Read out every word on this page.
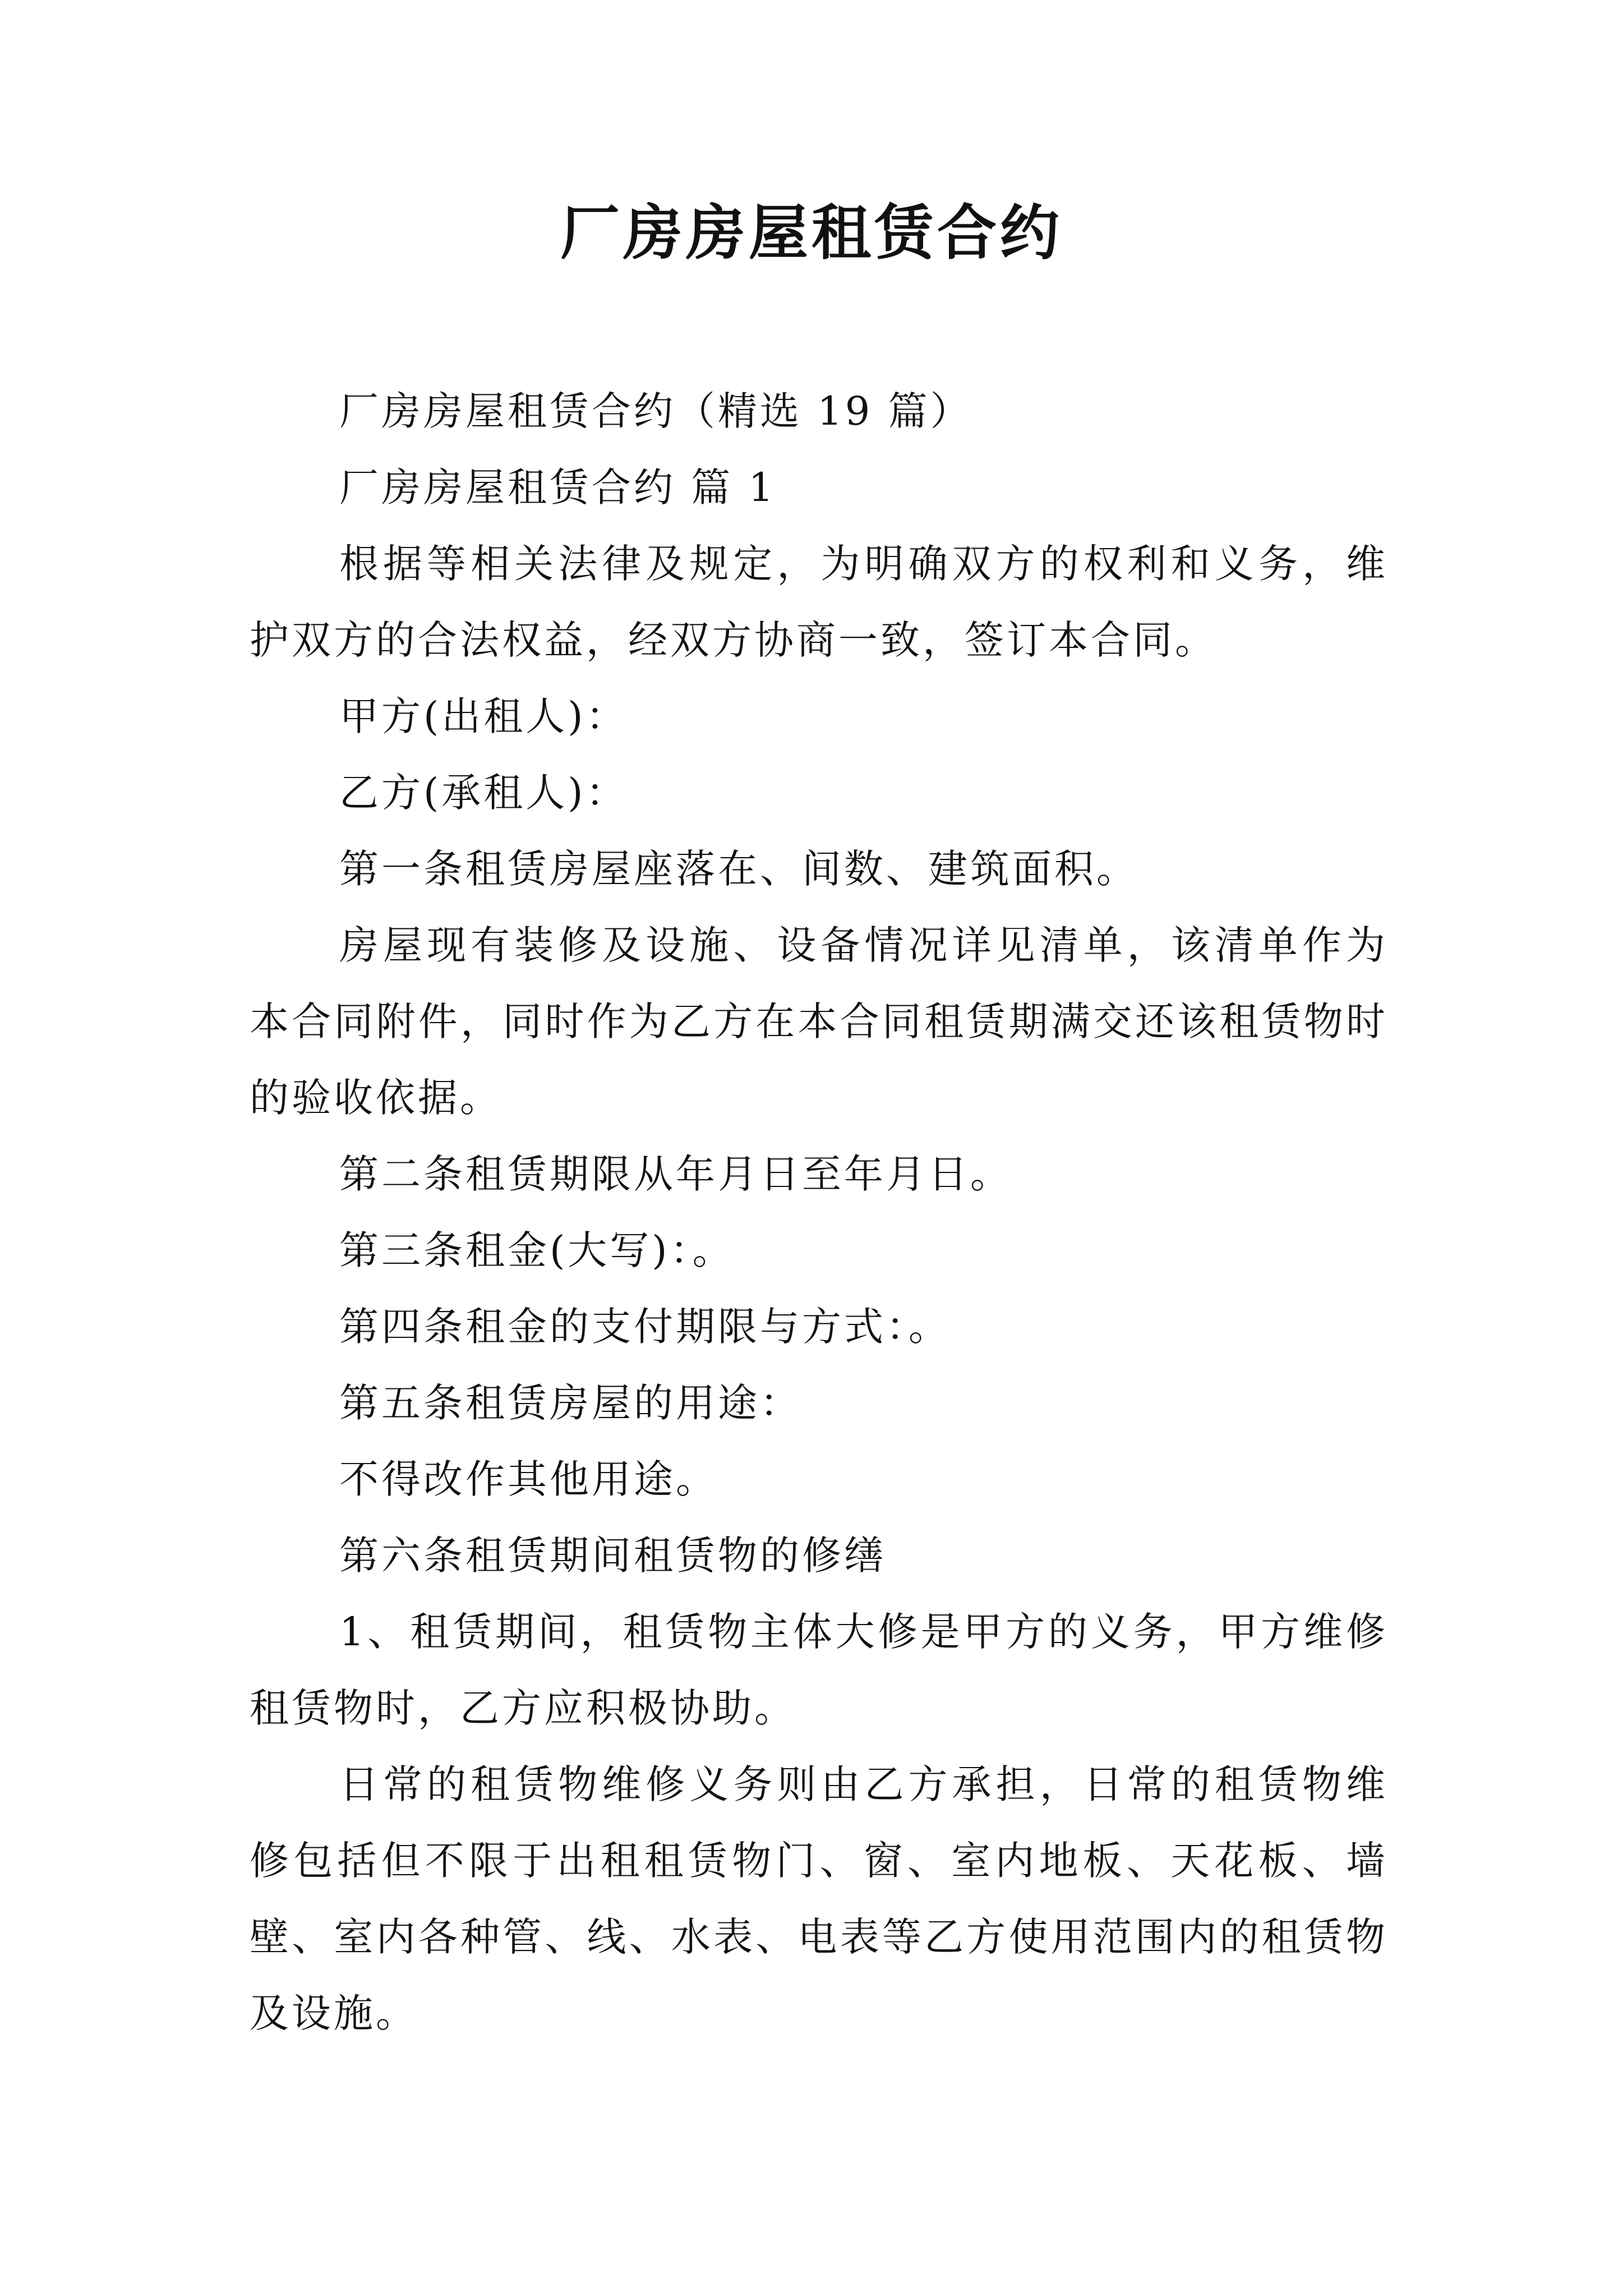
厂房房屋租赁合约

厂房房屋租赁合约（精选 19 篇）

厂房房屋租赁合约 篇 1

根据等相关法律及规定，为明确双方的权利和义务，维护双方的合法权益，经双方协商一致，签订本合同。

甲方(出租人)：

乙方(承租人)：

第一条租赁房屋座落在、间数、建筑面积。

房屋现有装修及设施、设备情况详见清单，该清单作为本合同附件，同时作为乙方在本合同租赁期满交还该租赁物时的验收依据。

第二条租赁期限从年月日至年月日。

第三条租金(大写)：。

第四条租金的支付期限与方式：。

第五条租赁房屋的用途：

不得改作其他用途。

第六条租赁期间租赁物的修缮

1、租赁期间，租赁物主体大修是甲方的义务，甲方维修租赁物时，乙方应积极协助。

日常的租赁物维修义务则由乙方承担，日常的租赁物维修包括但不限于出租租赁物门、窗、室内地板、天花板、墙壁、室内各种管、线、水表、电表等乙方使用范围内的租赁物及设施。
